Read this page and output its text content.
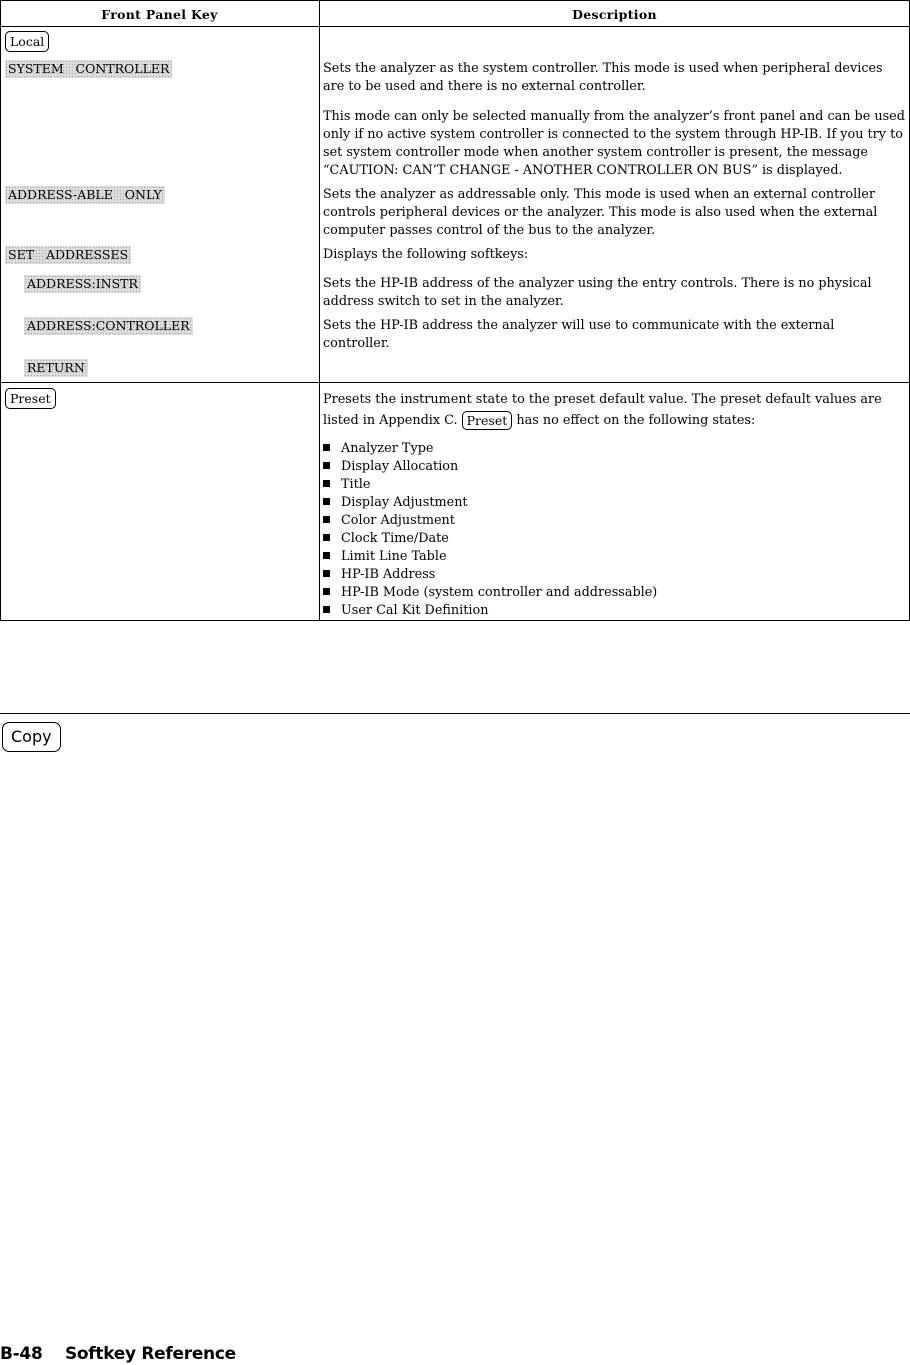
Front Panel Key	Description
Local
SYSTEM   CONTROLLER	Sets the analyzer as the system controller. This mode is used when peripheral devices are to be used and there is no external controller.
This mode can only be selected manually from the analyzer’s front panel and can be used only if no active system controller is connected to the system through HP-IB. If you try to set system controller mode when another system controller is present, the message “CAUTION: CAN’T CHANGE - ANOTHER CONTROLLER ON BUS” is displayed.
ADDRESS-ABLE   ONLY	Sets the analyzer as addressable only. This mode is used when an external controller controls peripheral devices or the analyzer. This mode is also used when the external computer passes control of the bus to the analyzer.
SET   ADDRESSES	Displays the following softkeys:
ADDRESS:INSTR	Sets the HP-IB address of the analyzer using the entry controls. There is no physical address switch to set in the analyzer.
ADDRESS:CONTROLLER	Sets the HP-IB address the analyzer will use to communicate with the external controller.
RETURN
Preset	Presets the instrument state to the preset default value. The preset default values are listed in Appendix C. Preset has no effect on the following states:
Analyzer Type
Display Allocation
Title
Display Adjustment
Color Adjustment
Clock Time/Date
Limit Line Table
HP-IB Address
HP-IB Mode (system controller and addressable)
User Cal Kit Definition
Copy
B-48 Softkey Reference
